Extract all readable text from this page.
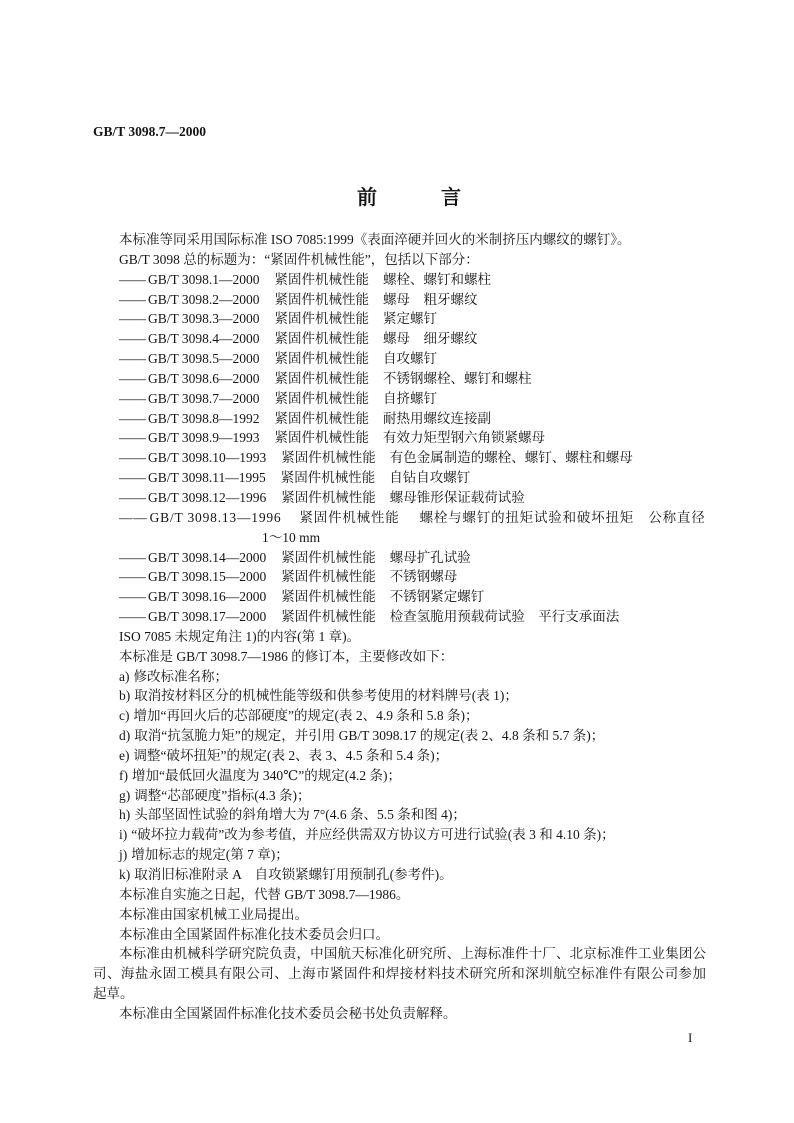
GB/T 3098.7—2000
前　　言
本标准等同采用国际标准 ISO 7085:1999《表面淬硬并回火的米制挤压内螺纹的螺钉》。
GB/T 3098 总的标题为：“紧固件机械性能”，包括以下部分：
—— GB/T 3098.1—2000 紧固件机械性能 螺栓、螺钉和螺柱
—— GB/T 3098.2—2000 紧固件机械性能 螺母　粗牙螺纹
—— GB/T 3098.3—2000 紧固件机械性能 紧定螺钉
—— GB/T 3098.4—2000 紧固件机械性能 螺母　细牙螺纹
—— GB/T 3098.5—2000 紧固件机械性能 自攻螺钉
—— GB/T 3098.6—2000 紧固件机械性能 不锈钢螺栓、螺钉和螺柱
—— GB/T 3098.7—2000 紧固件机械性能 自挤螺钉
—— GB/T 3098.8—1992 紧固件机械性能 耐热用螺纹连接副
—— GB/T 3098.9—1993 紧固件机械性能 有效力矩型钢六角锁紧螺母
—— GB/T 3098.10—1993 紧固件机械性能 有色金属制造的螺栓、螺钉、螺柱和螺母
—— GB/T 3098.11—1995 紧固件机械性能 自钻自攻螺钉
—— GB/T 3098.12—1996 紧固件机械性能 螺母锥形保证载荷试验
—— GB/T 3098.13—1996 紧固件机械性能 螺栓与螺钉的扭矩试验和破坏扭矩　公称直径
1～10 mm
—— GB/T 3098.14—2000 紧固件机械性能 螺母扩孔试验
—— GB/T 3098.15—2000 紧固件机械性能 不锈钢螺母
—— GB/T 3098.16—2000 紧固件机械性能 不锈钢紧定螺钉
—— GB/T 3098.17—2000 紧固件机械性能 检查氢脆用预载荷试验　平行支承面法
ISO 7085 未规定角注 1)的内容(第 1 章)。
本标准是 GB/T 3098.7—1986 的修订本，主要修改如下：
a) 修改标准名称；
b) 取消按材料区分的机械性能等级和供参考使用的材料牌号(表 1)；
c) 增加“再回火后的芯部硬度”的规定(表 2、4.9 条和 5.8 条)；
d) 取消“抗氢脆力矩”的规定，并引用 GB/T 3098.17 的规定(表 2、4.8 条和 5.7 条)；
e) 调整“破坏扭矩”的规定(表 2、表 3、4.5 条和 5.4 条)；
f) 增加“最低回火温度为 340℃”的规定(4.2 条)；
g) 调整“芯部硬度”指标(4.3 条)；
h) 头部坚固性试验的斜角增大为 7°(4.6 条、5.5 条和图 4)；
i) “破坏拉力载荷”改为参考值，并应经供需双方协议方可进行试验(表 3 和 4.10 条)；
j) 增加标志的规定(第 7 章)；
k) 取消旧标准附录 A　自攻锁紧螺钉用预制孔(参考件)。
本标准自实施之日起，代替 GB/T 3098.7—1986。
本标准由国家机械工业局提出。
本标准由全国紧固件标准化技术委员会归口。
本标准由机械科学研究院负责，中国航天标准化研究所、上海标准件十厂、北京标准件工业集团公
司、海盐永固工模具有限公司、上海市紧固件和焊接材料技术研究所和深圳航空标准件有限公司参加
起草。
本标准由全国紧固件标准化技术委员会秘书处负责解释。
I
